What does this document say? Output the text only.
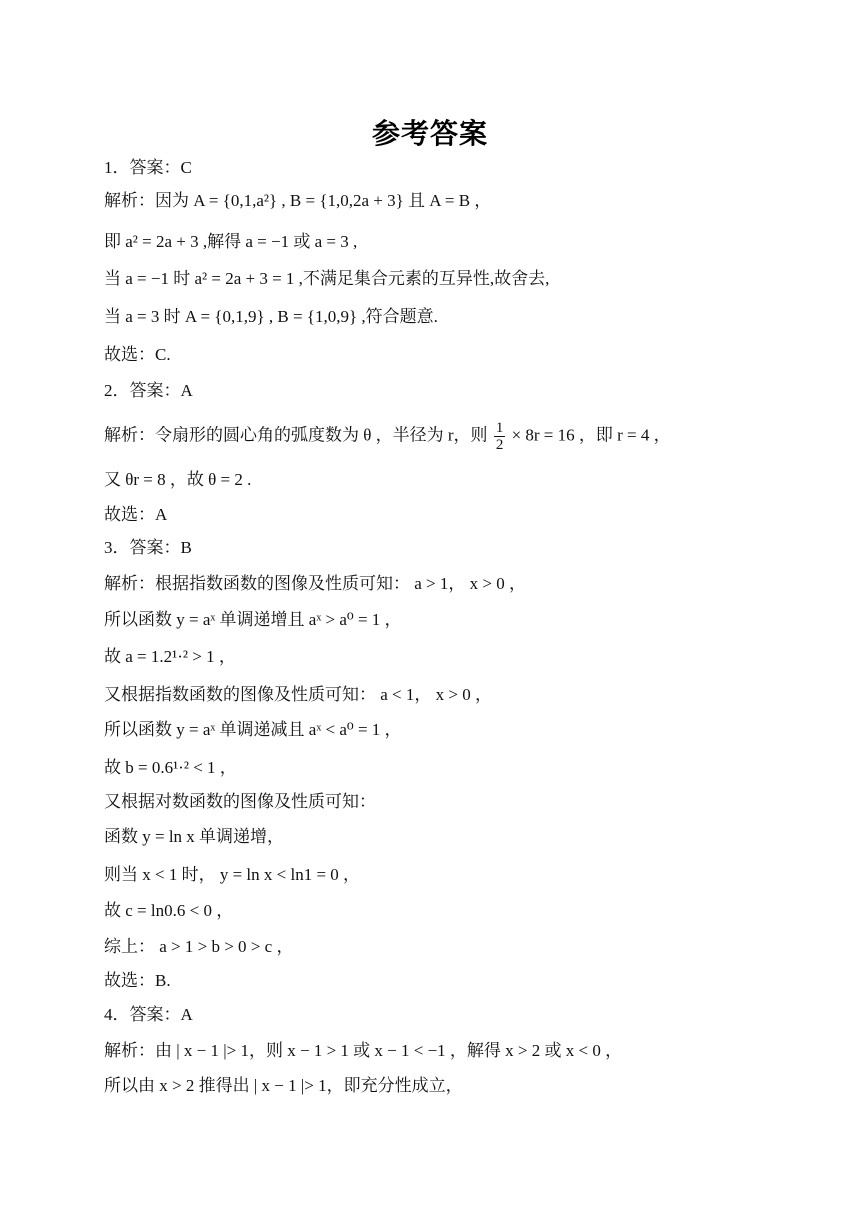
参考答案
1．答案：C
解析：因为 A = {0,1,a²} , B = {1,0,2a + 3} 且 A = B ，
即 a² = 2a + 3 ,解得 a = −1 或 a = 3 ,
当 a = −1 时 a² = 2a + 3 = 1 ,不满足集合元素的互异性,故舍去,
当 a = 3 时 A = {0,1,9} , B = {1,0,9} ,符合题意.
故选：C.
2．答案：A
解析：令扇形的圆心角的弧度数为 θ ，半径为 r，则 $\frac{1}{2} \times 8r = 16$ ，即 r = 4 ，
又 θr = 8 ，故 θ = 2 .
故选：A
3．答案：B
解析：根据指数函数的图像及性质可知： a > 1， x > 0 ，
所以函数 y = aˣ 单调递增且 aˣ > a⁰ = 1 ，
故 a = 1.2¹·² > 1 ，
又根据指数函数的图像及性质可知： a < 1， x > 0 ，
所以函数 y = aˣ 单调递减且 aˣ < a⁰ = 1 ，
故 b = 0.6¹·² < 1 ，
又根据对数函数的图像及性质可知：
函数 y = ln x 单调递增，
则当 x < 1 时， y = ln x < ln1 = 0 ，
故 c = ln0.6 < 0 ，
综上： a > 1 > b > 0 > c ，
故选：B.
4．答案：A
解析：由 | x − 1 |> 1，则 x − 1 > 1 或 x − 1 < −1 ，解得 x > 2 或 x < 0 ，
所以由 x > 2 推得出 | x − 1 |> 1，即充分性成立，
